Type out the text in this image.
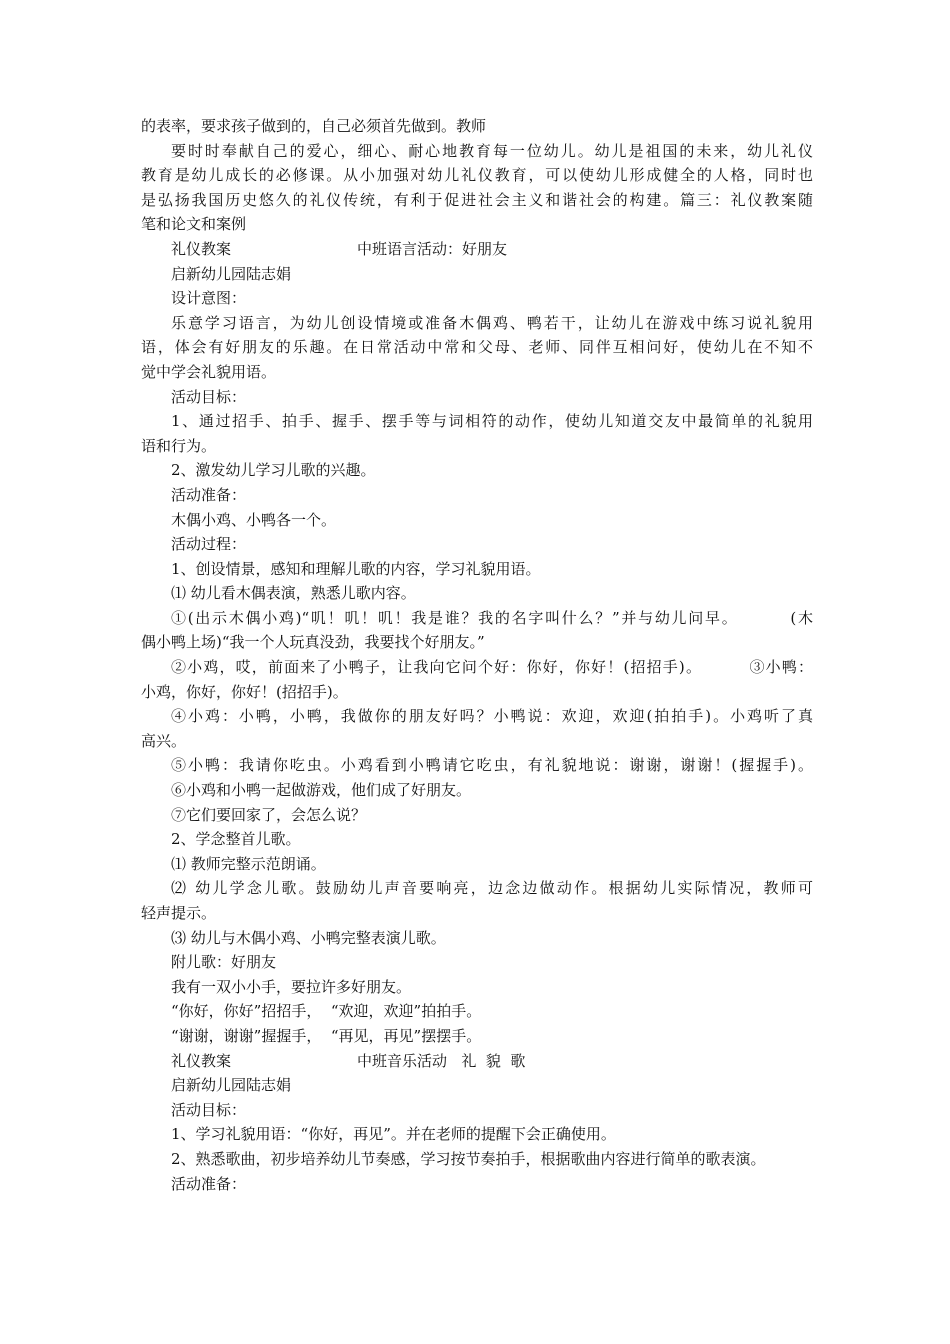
的表率，要求孩子做到的，自己必须首先做到。教师
要时时奉献自己的爱心，细心、耐心地教育每一位幼儿。幼儿是祖国的未来，幼儿礼仪
教育是幼儿成长的必修课。从小加强对幼儿礼仪教育，可以使幼儿形成健全的人格，同时也
是弘扬我国历史悠久的礼仪传统，有利于促进社会主义和谐社会的构建。篇三：礼仪教案随
笔和论文和案例
礼仪教案	中班语言活动：好朋友
启新幼儿园陆志娟
设计意图：
乐意学习语言，为幼儿创设情境或准备木偶鸡、鸭若干，让幼儿在游戏中练习说礼貌用
语，体会有好朋友的乐趣。在日常活动中常和父母、老师、同伴互相问好，使幼儿在不知不
觉中学会礼貌用语。
活动目标：
1、通过招手、拍手、握手、摆手等与词相符的动作，使幼儿知道交友中最简单的礼貌用
语和行为。
2、激发幼儿学习儿歌的兴趣。
活动准备：
木偶小鸡、小鸭各一个。
活动过程：
1、创设情景，感知和理解儿歌的内容，学习礼貌用语。
⑴ 幼儿看木偶表演，熟悉儿歌内容。
①(出示木偶小鸡)“叽！叽！叽！我是谁？我的名字叫什么？”并与幼儿问早。        (木
偶小鸭上场)“我一个人玩真没劲，我要找个好朋友。”
②小鸡，哎，前面来了小鸭子，让我向它问个好：你好，你好！(招招手)。        ③小鸭：
小鸡，你好，你好！(招招手)。
④小鸡：小鸭，小鸭，我做你的朋友好吗？小鸭说：欢迎，欢迎(拍拍手)。小鸡听了真
高兴。
⑤小鸭：我请你吃虫。小鸡看到小鸭请它吃虫，有礼貌地说：谢谢，谢谢！(握握手)。
⑥小鸡和小鸭一起做游戏，他们成了好朋友。
⑦它们要回家了，会怎么说？
2、学念整首儿歌。
⑴ 教师完整示范朗诵。
⑵ 幼儿学念儿歌。鼓励幼儿声音要响亮，边念边做动作。根据幼儿实际情况，教师可
轻声提示。
⑶ 幼儿与木偶小鸡、小鸭完整表演儿歌。
附儿歌：好朋友
我有一双小小手，要拉许多好朋友。
“你好，你好”招招手，  “欢迎，欢迎”拍拍手。
“谢谢，谢谢”握握手，  “再见，再见”摆摆手。
礼仪教案	中班音乐活动   礼  貌  歌
启新幼儿园陆志娟
活动目标：
1、学习礼貌用语：“你好，再见”。并在老师的提醒下会正确使用。
2、熟悉歌曲，初步培养幼儿节奏感，学习按节奏拍手，根据歌曲内容进行简单的歌表演。
活动准备：
